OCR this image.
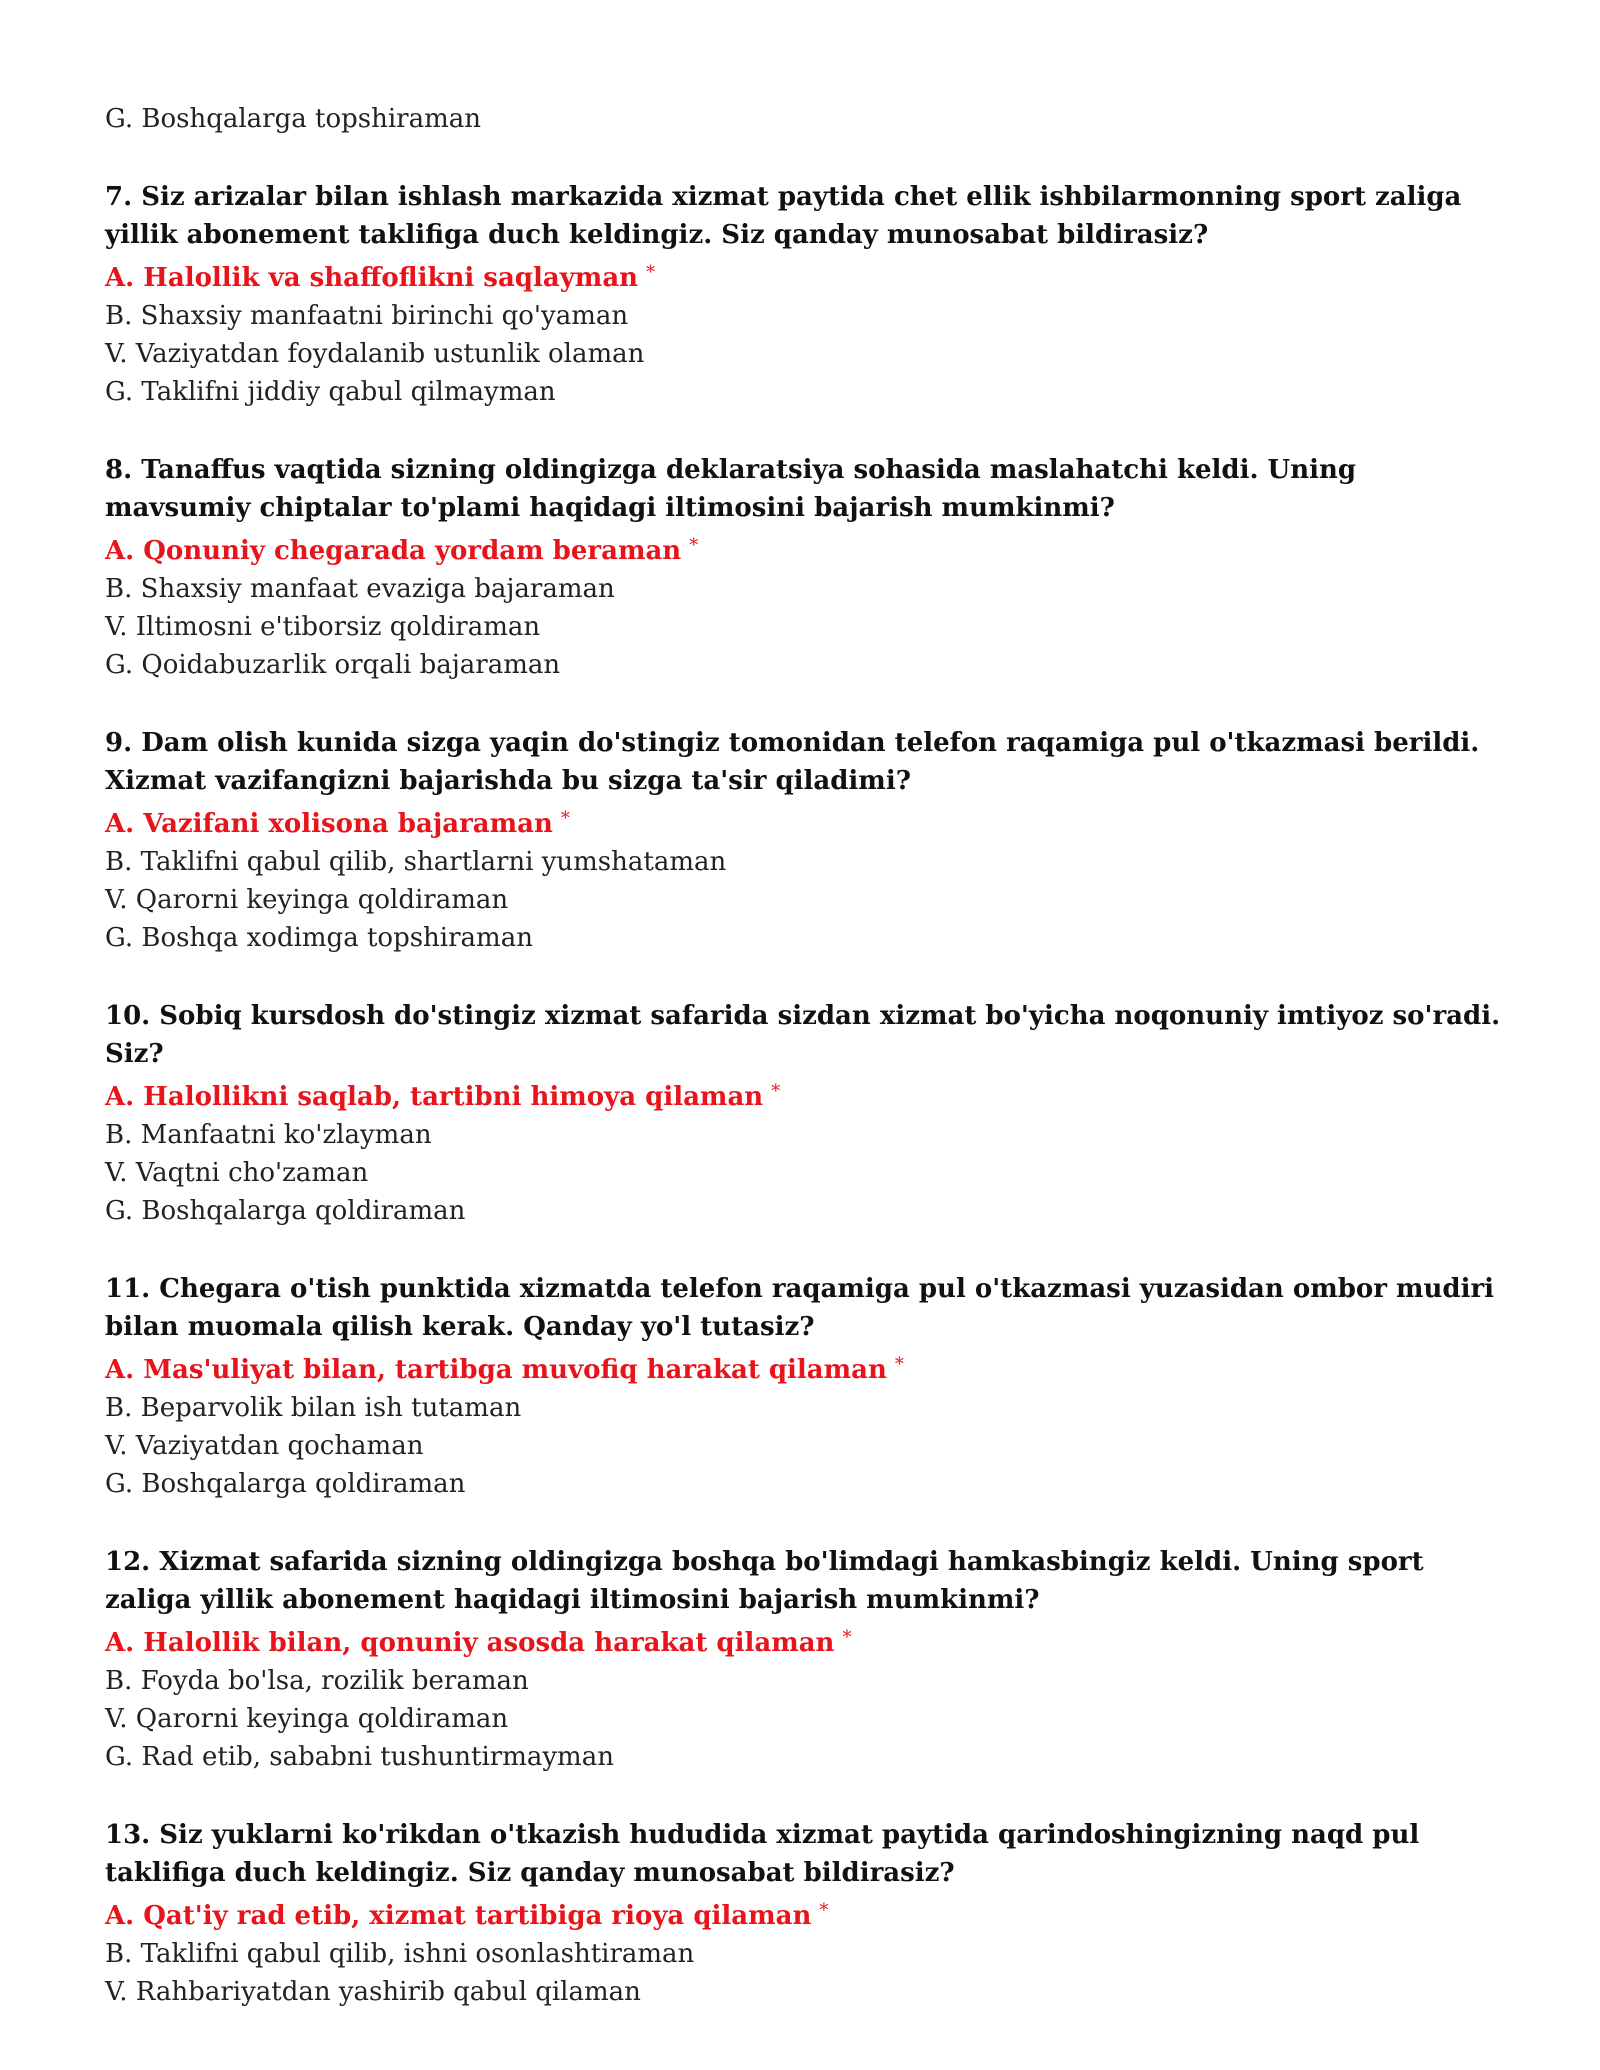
G. Boshqalarga topshiraman
7. Siz arizalar bilan ishlash markazida xizmat paytida chet ellik ishbilarmonning sport zaliga yillik abonement taklifiga duch keldingiz. Siz qanday munosabat bildirasiz?
A. Halollik va shaffoflikni saqlayman *
B. Shaxsiy manfaatni birinchi qo'yaman
V. Vaziyatdan foydalanib ustunlik olaman
G. Taklifni jiddiy qabul qilmayman
8. Tanaffus vaqtida sizning oldingizga deklaratsiya sohasida maslahatchi keldi. Uning mavsumiy chiptalar to'plami haqidagi iltimosini bajarish mumkinmi?
A. Qonuniy chegarada yordam beraman *
B. Shaxsiy manfaat evaziga bajaraman
V. Iltimosni e'tiborsiz qoldiraman
G. Qoidabuzarlik orqali bajaraman
9. Dam olish kunida sizga yaqin do'stingiz tomonidan telefon raqamiga pul o'tkazmasi berildi. Xizmat vazifangizni bajarishda bu sizga ta'sir qiladimi?
A. Vazifani xolisona bajaraman *
B. Taklifni qabul qilib, shartlarni yumshataman
V. Qarorni keyinga qoldiraman
G. Boshqa xodimga topshiraman
10. Sobiq kursdosh do'stingiz xizmat safarida sizdan xizmat bo'yicha noqonuniy imtiyoz so'radi. Siz?
A. Halollikni saqlab, tartibni himoya qilaman *
B. Manfaatni ko'zlayman
V. Vaqtni cho'zaman
G. Boshqalarga qoldiraman
11. Chegara o'tish punktida xizmatda telefon raqamiga pul o'tkazmasi yuzasidan ombor mudiri bilan muomala qilish kerak. Qanday yo'l tutasiz?
A. Mas'uliyat bilan, tartibga muvofiq harakat qilaman *
B. Beparvolik bilan ish tutaman
V. Vaziyatdan qochaman
G. Boshqalarga qoldiraman
12. Xizmat safarida sizning oldingizga boshqa bo'limdagi hamkasbingiz keldi. Uning sport zaliga yillik abonement haqidagi iltimosini bajarish mumkinmi?
A. Halollik bilan, qonuniy asosda harakat qilaman *
B. Foyda bo'lsa, rozilik beraman
V. Qarorni keyinga qoldiraman
G. Rad etib, sababni tushuntirmayman
13. Siz yuklarni ko'rikdan o'tkazish hududida xizmat paytida qarindoshingizning naqd pul taklifiga duch keldingiz. Siz qanday munosabat bildirasiz?
A. Qat'iy rad etib, xizmat tartibiga rioya qilaman *
B. Taklifni qabul qilib, ishni osonlashtiraman
V. Rahbariyatdan yashirib qabul qilaman
